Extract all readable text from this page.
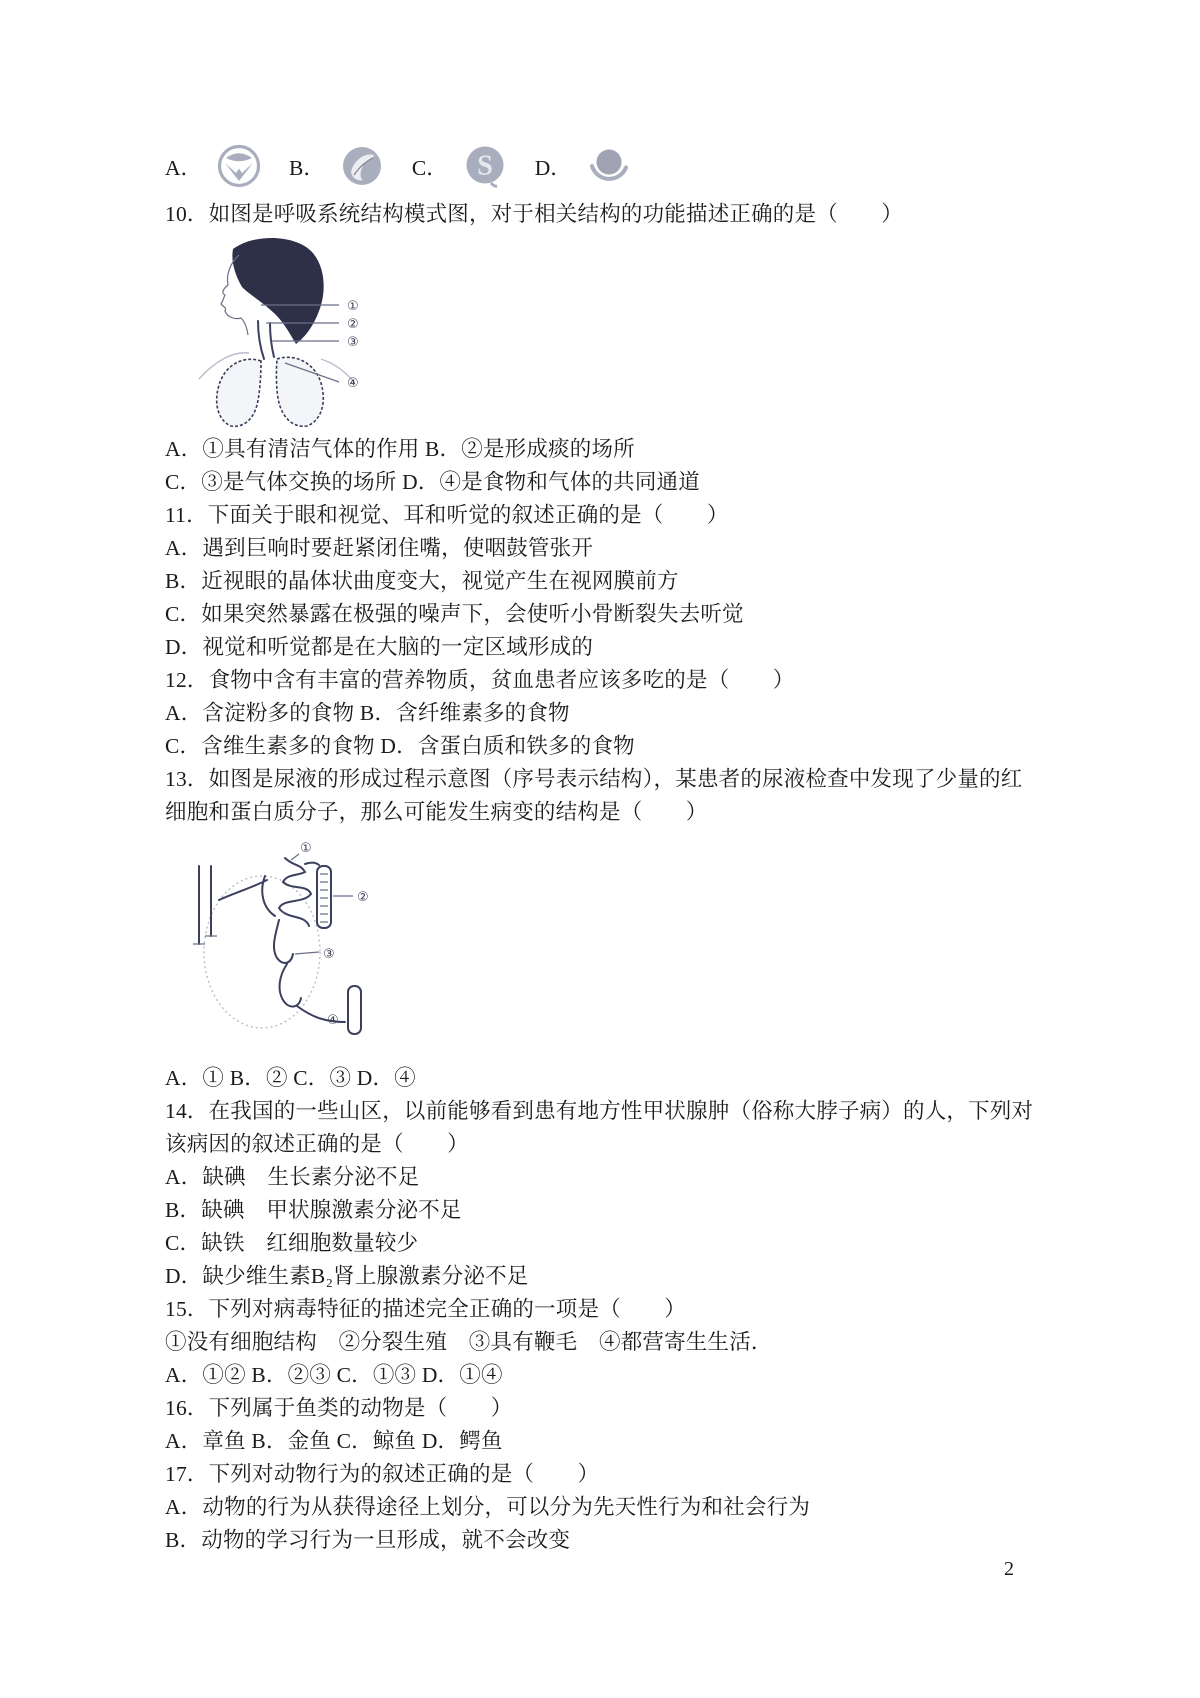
A．	B．	C． S D．
10．如图是呼吸系统结构模式图，对于相关结构的功能描述正确的是（　　）
①
②
③
④
A．①具有清洁气体的作用 B．②是形成痰的场所
C．③是气体交换的场所 D．④是食物和气体的共同通道
11．下面关于眼和视觉、耳和听觉的叙述正确的是（　　）
A．遇到巨响时要赶紧闭住嘴，使咽鼓管张开
B．近视眼的晶体状曲度变大，视觉产生在视网膜前方
C．如果突然暴露在极强的噪声下，会使听小骨断裂失去听觉
D．视觉和听觉都是在大脑的一定区域形成的
12．食物中含有丰富的营养物质，贫血患者应该多吃的是（　　）
A．含淀粉多的食物 B．含纤维素多的食物
C．含维生素多的食物 D．含蛋白质和铁多的食物
13．如图是尿液的形成过程示意图（序号表示结构），某患者的尿液检查中发现了少量的红
细胞和蛋白质分子，那么可能发生病变的结构是（　　）
①
②
③
④
A．① B．② C．③ D．④
14．在我国的一些山区，以前能够看到患有地方性甲状腺肿（俗称大脖子病）的人，下列对
该病因的叙述正确的是（　　）
A．缺碘　生长素分泌不足
B．缺碘　甲状腺激素分泌不足
C．缺铁　红细胞数量较少
D．缺少维生素B₂肾上腺激素分泌不足
15．下列对病毒特征的描述完全正确的一项是（　　）
①没有细胞结构　②分裂生殖　③具有鞭毛　④都营寄生生活．
A．①② B．②③ C．①③ D．①④
16．下列属于鱼类的动物是（　　）
A．章鱼 B．金鱼 C．鲸鱼 D．鳄鱼
17．下列对动物行为的叙述正确的是（　　）
A．动物的行为从获得途径上划分，可以分为先天性行为和社会行为
B．动物的学习行为一旦形成，就不会改变
2
